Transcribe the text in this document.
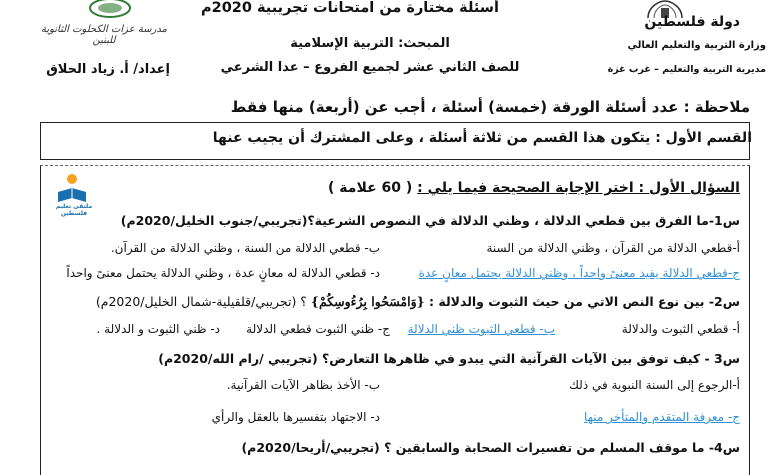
دولة فلسطين
وزارة التربية والتعليم العالي
مديرية التربية والتعليم – غرب غزة
أسئلة مختارة من امتحانات تجريبية 2020م
المبحث: التربية الإسلامية
للصف الثاني عشر لجميع الفروع – عدا الشرعي
مدرسة عزات الكحلوت الثانوية للبنين
إعداد/ أ. زياد الحلاق
ملاحظة : عدد أسئلة الورقة (خمسة) أسئلة ، أجب عن (أربعة) منها فقط
القسم الأول : يتكون هذا القسم من ثلاثة أسئلة ، وعلى المشترك أن يجيب عنها
ملتقى تعليم فلسطين
السؤال الأول : اختر الإجابة الصحيحة فيما يلي : ( 60 علامة )
س1-ما الفرق بين قطعي الدلالة ، وظني الدلالة في النصوص الشرعية؟(تجريبي/جنوب الخليل/2020م)
أ-قطعي الدلالة من القرآن ، وظني الدلالة من السنة
ب- قطعي الدلالة من السنة ، وظني الدلالة من القرآن.
ج-قطعي الدلالة يفيد معنىً واحداً ، وظني الدلالة يحتمل معانٍ عدة
د- قطعي الدلالة له معانٍ عدة ، وظني الدلالة يحتمل معنىً واحداً
س2- بين نوع النص الاتي من حيث الثبوت والدلالة : {وَامْسَحُوا بِرُءُوسِكُمْ} ؟ (تجريبي/قلقيلية-شمال الخليل/2020م)
أ- قطعي الثبوت والدلالة
ب- قطعي الثبوت ظني الدلالة
ج- ظني الثبوت قطعي الدلالة
د- ظني الثبوت و الدلالة .
س3 - كيف توفق بين الآيات القرآنية التي يبدو في ظاهرها التعارض؟ (تجريبي /رام الله/2020م)
أ-الرجوع إلى السنة النبوية في ذلك
ب- الأخذ بظاهر الآيات القرآنية.
ج- معرفة المتقدم والمتأخر منها
د- الاجتهاد بتفسيرها بالعقل والرأي
س4- ما موقف المسلم من تفسيرات الصحابة والسابقين ؟ (تجريبي/أريحا/2020م)
